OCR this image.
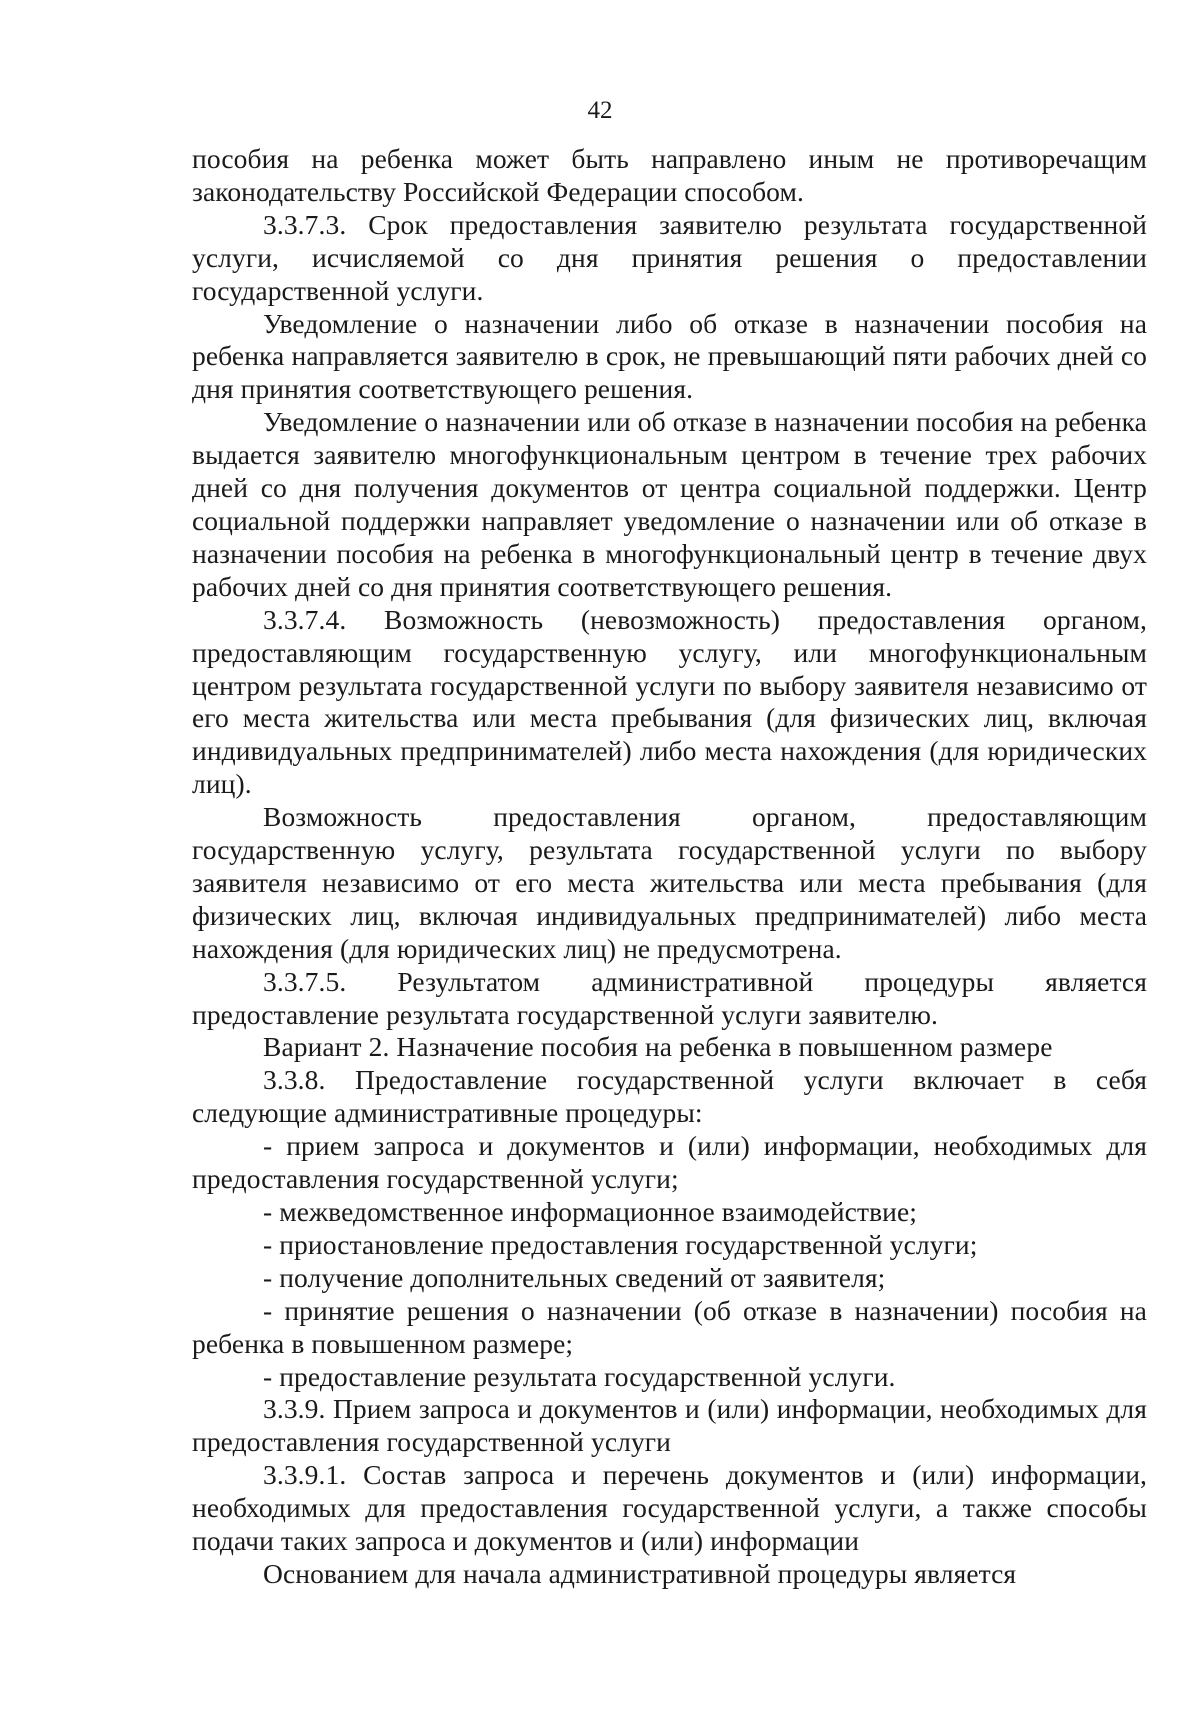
42

пособия на ребенка может быть направлено иным не противоречащим законодательству Российской Федерации способом.

3.3.7.3. Срок предоставления заявителю результата государственной услуги, исчисляемой со дня принятия решения о предоставлении государственной услуги.

Уведомление о назначении либо об отказе в назначении пособия на ребенка направляется заявителю в срок, не превышающий пяти рабочих дней со дня принятия соответствующего решения.

Уведомление о назначении или об отказе в назначении пособия на ребенка выдается заявителю многофункциональным центром в течение трех рабочих дней со дня получения документов от центра социальной поддержки. Центр социальной поддержки направляет уведомление о назначении или об отказе в назначении пособия на ребенка в многофункциональный центр в течение двух рабочих дней со дня принятия соответствующего решения.

3.3.7.4. Возможность (невозможность) предоставления органом, предоставляющим государственную услугу, или многофункциональным центром результата государственной услуги по выбору заявителя независимо от его места жительства или места пребывания (для физических лиц, включая индивидуальных предпринимателей) либо места нахождения (для юридических лиц).

Возможность предоставления органом, предоставляющим государственную услугу, результата государственной услуги по выбору заявителя независимо от его места жительства или места пребывания (для физических лиц, включая индивидуальных предпринимателей) либо места нахождения (для юридических лиц) не предусмотрена.

3.3.7.5. Результатом административной процедуры является предоставление результата государственной услуги заявителю.

Вариант 2. Назначение пособия на ребенка в повышенном размере

3.3.8. Предоставление государственной услуги включает в себя следующие административные процедуры:

- прием запроса и документов и (или) информации, необходимых для предоставления государственной услуги;

- межведомственное информационное взаимодействие;

- приостановление предоставления государственной услуги;

- получение дополнительных сведений от заявителя;

- принятие решения о назначении (об отказе в назначении) пособия на ребенка в повышенном размере;

- предоставление результата государственной услуги.

3.3.9. Прием запроса и документов и (или) информации, необходимых для предоставления государственной услуги

3.3.9.1. Состав запроса и перечень документов и (или) информации, необходимых для предоставления государственной услуги, а также способы подачи таких запроса и документов и (или) информации

Основанием для начала административной процедуры является
